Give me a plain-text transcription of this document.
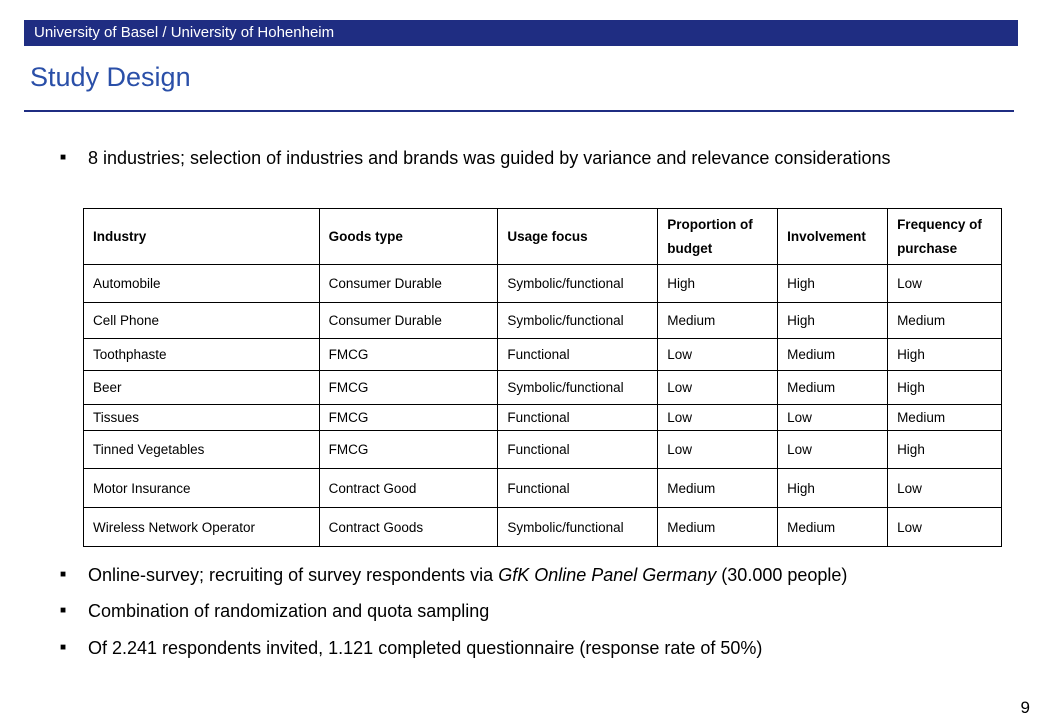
University of Basel / University of Hohenheim
Study Design
■	8 industries; selection of industries and brands was guided by variance and relevance considerations
Industry	Goods type	Usage focus	Proportion of budget	Involvement	Frequency of purchase
Automobile	Consumer Durable	Symbolic/functional	High	High	Low
Cell Phone	Consumer Durable	Symbolic/functional	Medium	High	Medium
Toothphaste	FMCG	Functional	Low	Medium	High
Beer	FMCG	Symbolic/functional	Low	Medium	High
Tissues	FMCG	Functional	Low	Low	Medium
Tinned Vegetables	FMCG	Functional	Low	Low	High
Motor Insurance	Contract Good	Functional	Medium	High	Low
Wireless Network Operator	Contract Goods	Symbolic/functional	Medium	Medium	Low
■	Online-survey; recruiting of survey respondents via GfK Online Panel Germany (30.000 people)
■	Combination of randomization and quota sampling
■	Of 2.241 respondents invited, 1.121 completed questionnaire (response rate of 50%)
9
